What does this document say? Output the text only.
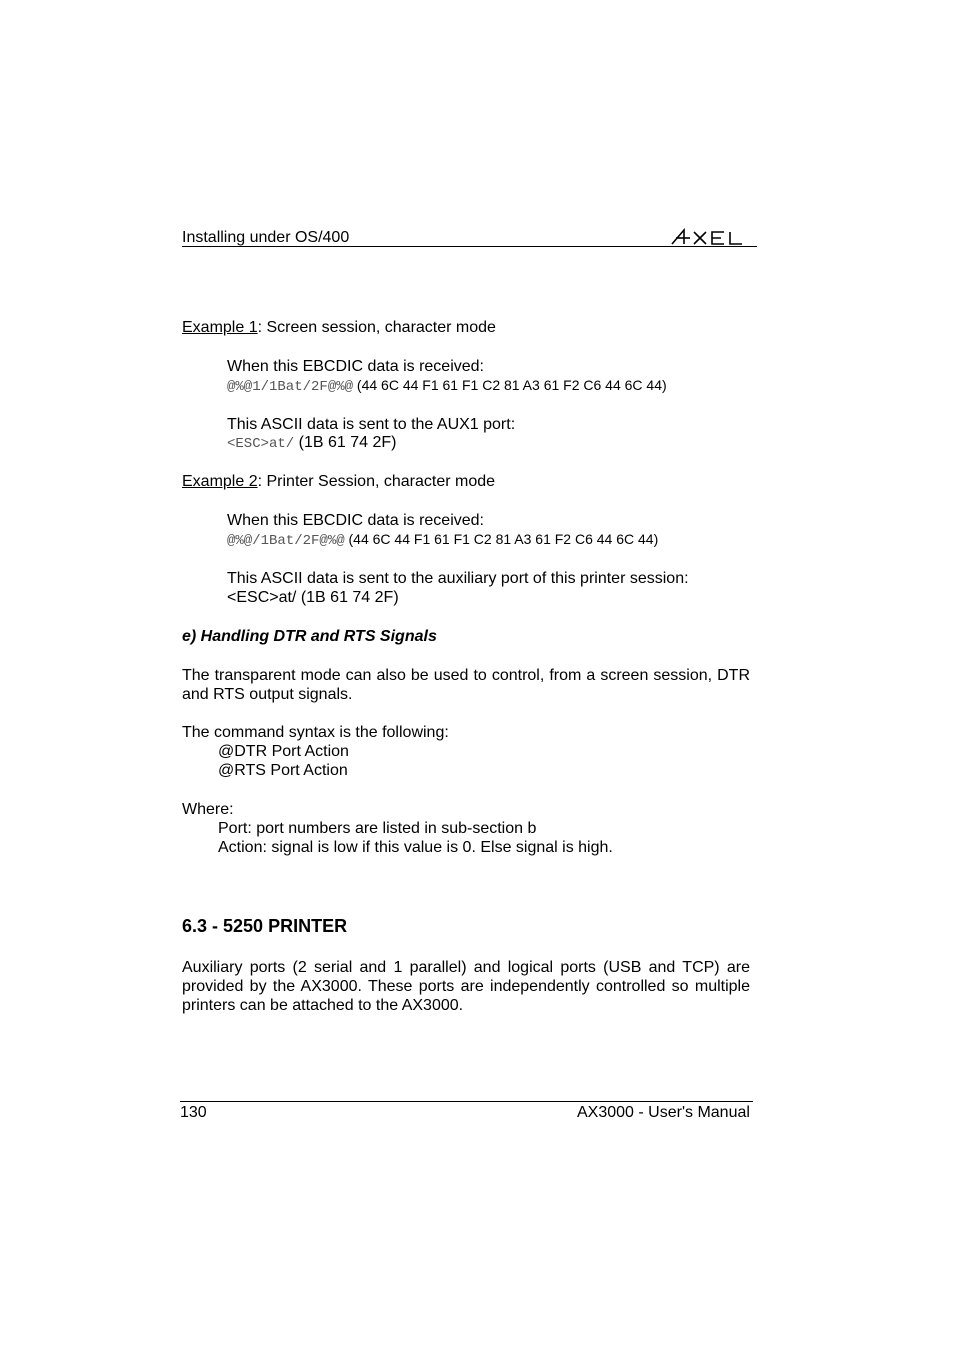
Installing under OS/400
Example 1: Screen session, character mode
When this EBCDIC data is received:
@%@1/1Bat/2F@%@ (44 6C 44 F1 61 F1 C2 81 A3 61 F2 C6 44 6C 44)
This ASCII data is sent to the AUX1 port:
<ESC>at/ (1B 61 74 2F)
Example 2: Printer Session, character mode
When this EBCDIC data is received:
@%@/1Bat/2F@%@ (44 6C 44 F1 61 F1 C2 81 A3 61 F2 C6 44 6C 44)
This ASCII data is sent to the auxiliary port of this printer session:
<ESC>at/ (1B 61 74 2F)
e) Handling DTR and RTS Signals
The transparent mode can also be used to control, from a screen session, DTR and RTS output signals.
The command syntax is the following:
@DTR Port Action
@RTS Port Action
Where:
Port: port numbers are listed in sub-section b
Action: signal is low if this value is 0. Else signal is high.
6.3 - 5250 PRINTER
Auxiliary ports (2 serial and 1 parallel) and logical ports (USB and TCP) are provided by the AX3000. These ports are independently controlled so multiple printers can be attached to the AX3000.
130	AX3000 - User's Manual
